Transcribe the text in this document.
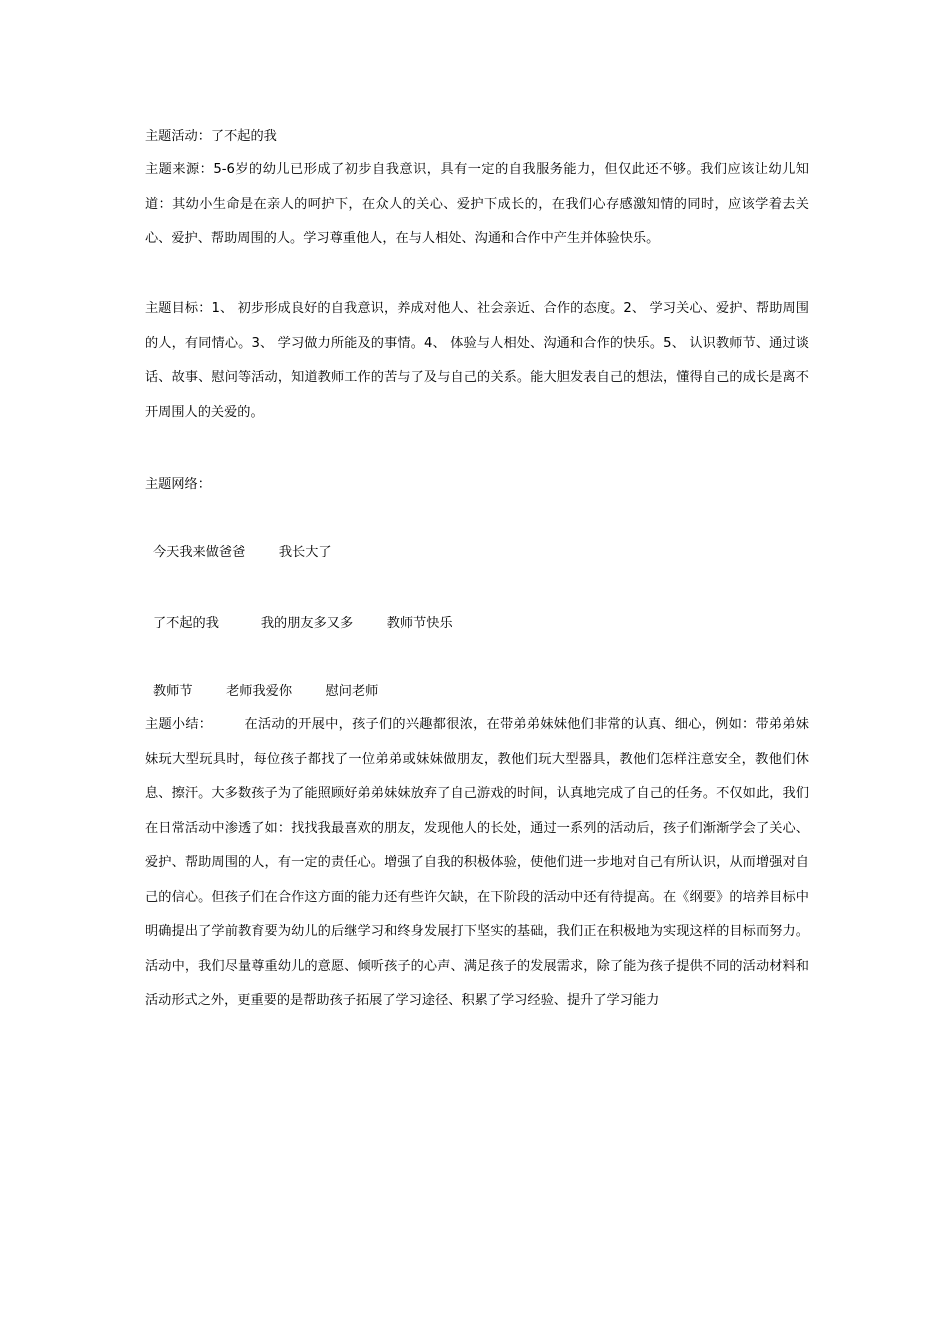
主题活动：了不起的我
主题来源：5-6岁的幼儿已形成了初步自我意识，具有一定的自我服务能力，但仅此还不够。我们应该让幼儿知道：其幼小生命是在亲人的呵护下，在众人的关心、爱护下成长的，在我们心存感激知情的同时，应该学着去关心、爱护、帮助周围的人。学习尊重他人，在与人相处、沟通和合作中产生并体验快乐。
主题目标：1、 初步形成良好的自我意识，养成对他人、社会亲近、合作的态度。2、 学习关心、爱护、帮助周围的人，有同情心。3、 学习做力所能及的事情。4、 体验与人相处、沟通和合作的快乐。5、 认识教师节、通过谈话、故事、慰问等活动，知道教师工作的苦与了及与自己的关系。能大胆发表自己的想法，懂得自己的成长是离不开周围人的关爱的。
主题网络：
今天我来做爸爸        我长大了
了不起的我          我的朋友多又多        教师节快乐
教师节        老师我爱你        慰问老师
主题小结： 在活动的开展中，孩子们的兴趣都很浓，在带弟弟妹妹他们非常的认真、细心，例如：带弟弟妹妹玩大型玩具时，每位孩子都找了一位弟弟或妹妹做朋友，教他们玩大型器具，教他们怎样注意安全，教他们休息、擦汗。大多数孩子为了能照顾好弟弟妹妹放弃了自己游戏的时间，认真地完成了自己的任务。不仅如此，我们在日常活动中渗透了如：找找我最喜欢的朋友，发现他人的长处，通过一系列的活动后，孩子们渐渐学会了关心、爱护、帮助周围的人，有一定的责任心。增强了自我的积极体验，使他们进一步地对自己有所认识，从而增强对自己的信心。但孩子们在合作这方面的能力还有些许欠缺，在下阶段的活动中还有待提高。在《纲要》的培养目标中明确提出了学前教育要为幼儿的后继学习和终身发展打下坚实的基础，我们正在积极地为实现这样的目标而努力。活动中，我们尽量尊重幼儿的意愿、倾听孩子的心声、满足孩子的发展需求，除了能为孩子提供不同的活动材料和活动形式之外，更重要的是帮助孩子拓展了学习途径、积累了学习经验、提升了学习能力
